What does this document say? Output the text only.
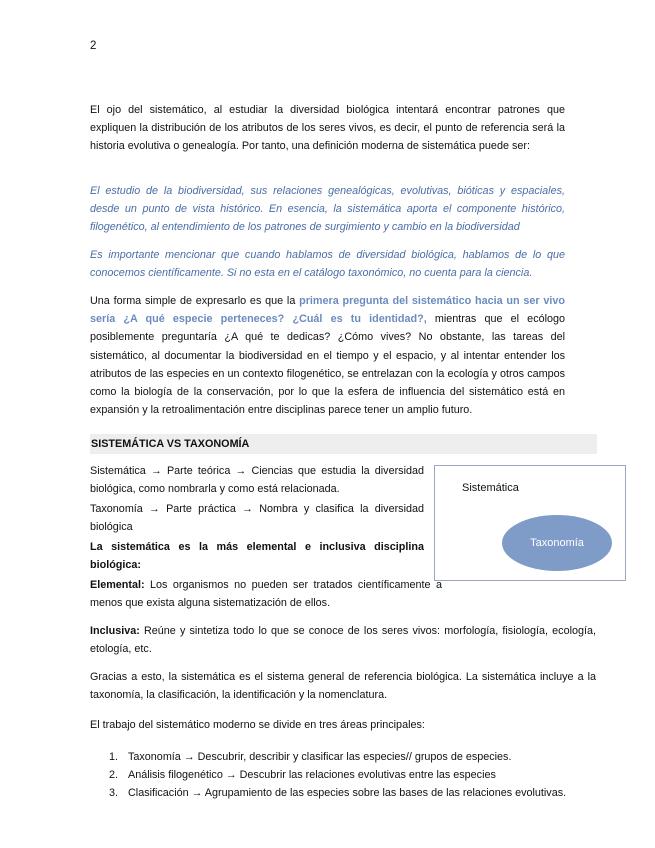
2
El ojo del sistemático, al estudiar la diversidad biológica intentará encontrar patrones que expliquen la distribución de los atributos de los seres vivos, es decir, el punto de referencia será la historia evolutiva o genealogía. Por tanto, una definición moderna de sistemática puede ser:
El estudio de la biodiversidad, sus relaciones genealógicas, evolutivas, bióticas y espaciales, desde un punto de vista histórico. En esencia, la sistemática aporta el componente histórico, filogenético, al entendimiento de los patrones de surgimiento y cambio en la biodiversidad
Es importante mencionar que cuando hablamos de diversidad biológica, hablamos de lo que conocemos científicamente. Si no esta en el catálogo taxonómico, no cuenta para la ciencia.
Una forma simple de expresarlo es que la primera pregunta del sistemático hacia un ser vivo sería ¿A qué especie perteneces? ¿Cuál es tu identidad?, mientras que el ecólogo posiblemente preguntaría ¿A qué te dedicas? ¿Cómo vives? No obstante, las tareas del sistemático, al documentar la biodiversidad en el tiempo y el espacio, y al intentar entender los atributos de las especies en un contexto filogenético, se entrelazan con la ecología y otros campos como la biología de la conservación, por lo que la esfera de influencia del sistemático está en expansión y la retroalimentación entre disciplinas parece tener un amplio futuro.
SISTEMÁTICA VS TAXONOMÍA
Sistemática → Parte teórica → Ciencias que estudia la diversidad biológica, como nombrarla y como está relacionada.
Taxonomía → Parte práctica → Nombra y clasifica la diversidad biológica
La sistemática es la más elemental e inclusiva disciplina biológica:
Elemental: Los organismos no pueden ser tratados científicamente a menos que exista alguna sistematización de ellos.
Sistemática
Taxonomía
Inclusiva: Reúne y sintetiza todo lo que se conoce de los seres vivos: morfología, fisiología, ecología, etología, etc.
Gracias a esto, la sistemática es el sistema general de referencia biológica. La sistemática incluye a la taxonomía, la clasificación, la identificación y la nomenclatura.
El trabajo del sistemático moderno se divide en tres áreas principales:
1. Taxonomía → Descubrir, describir y clasificar las especies// grupos de especies.
2. Análisis filogenético → Descubrir las relaciones evolutivas entre las especies
3. Clasificación → Agrupamiento de las especies sobre las bases de las relaciones evolutivas.
